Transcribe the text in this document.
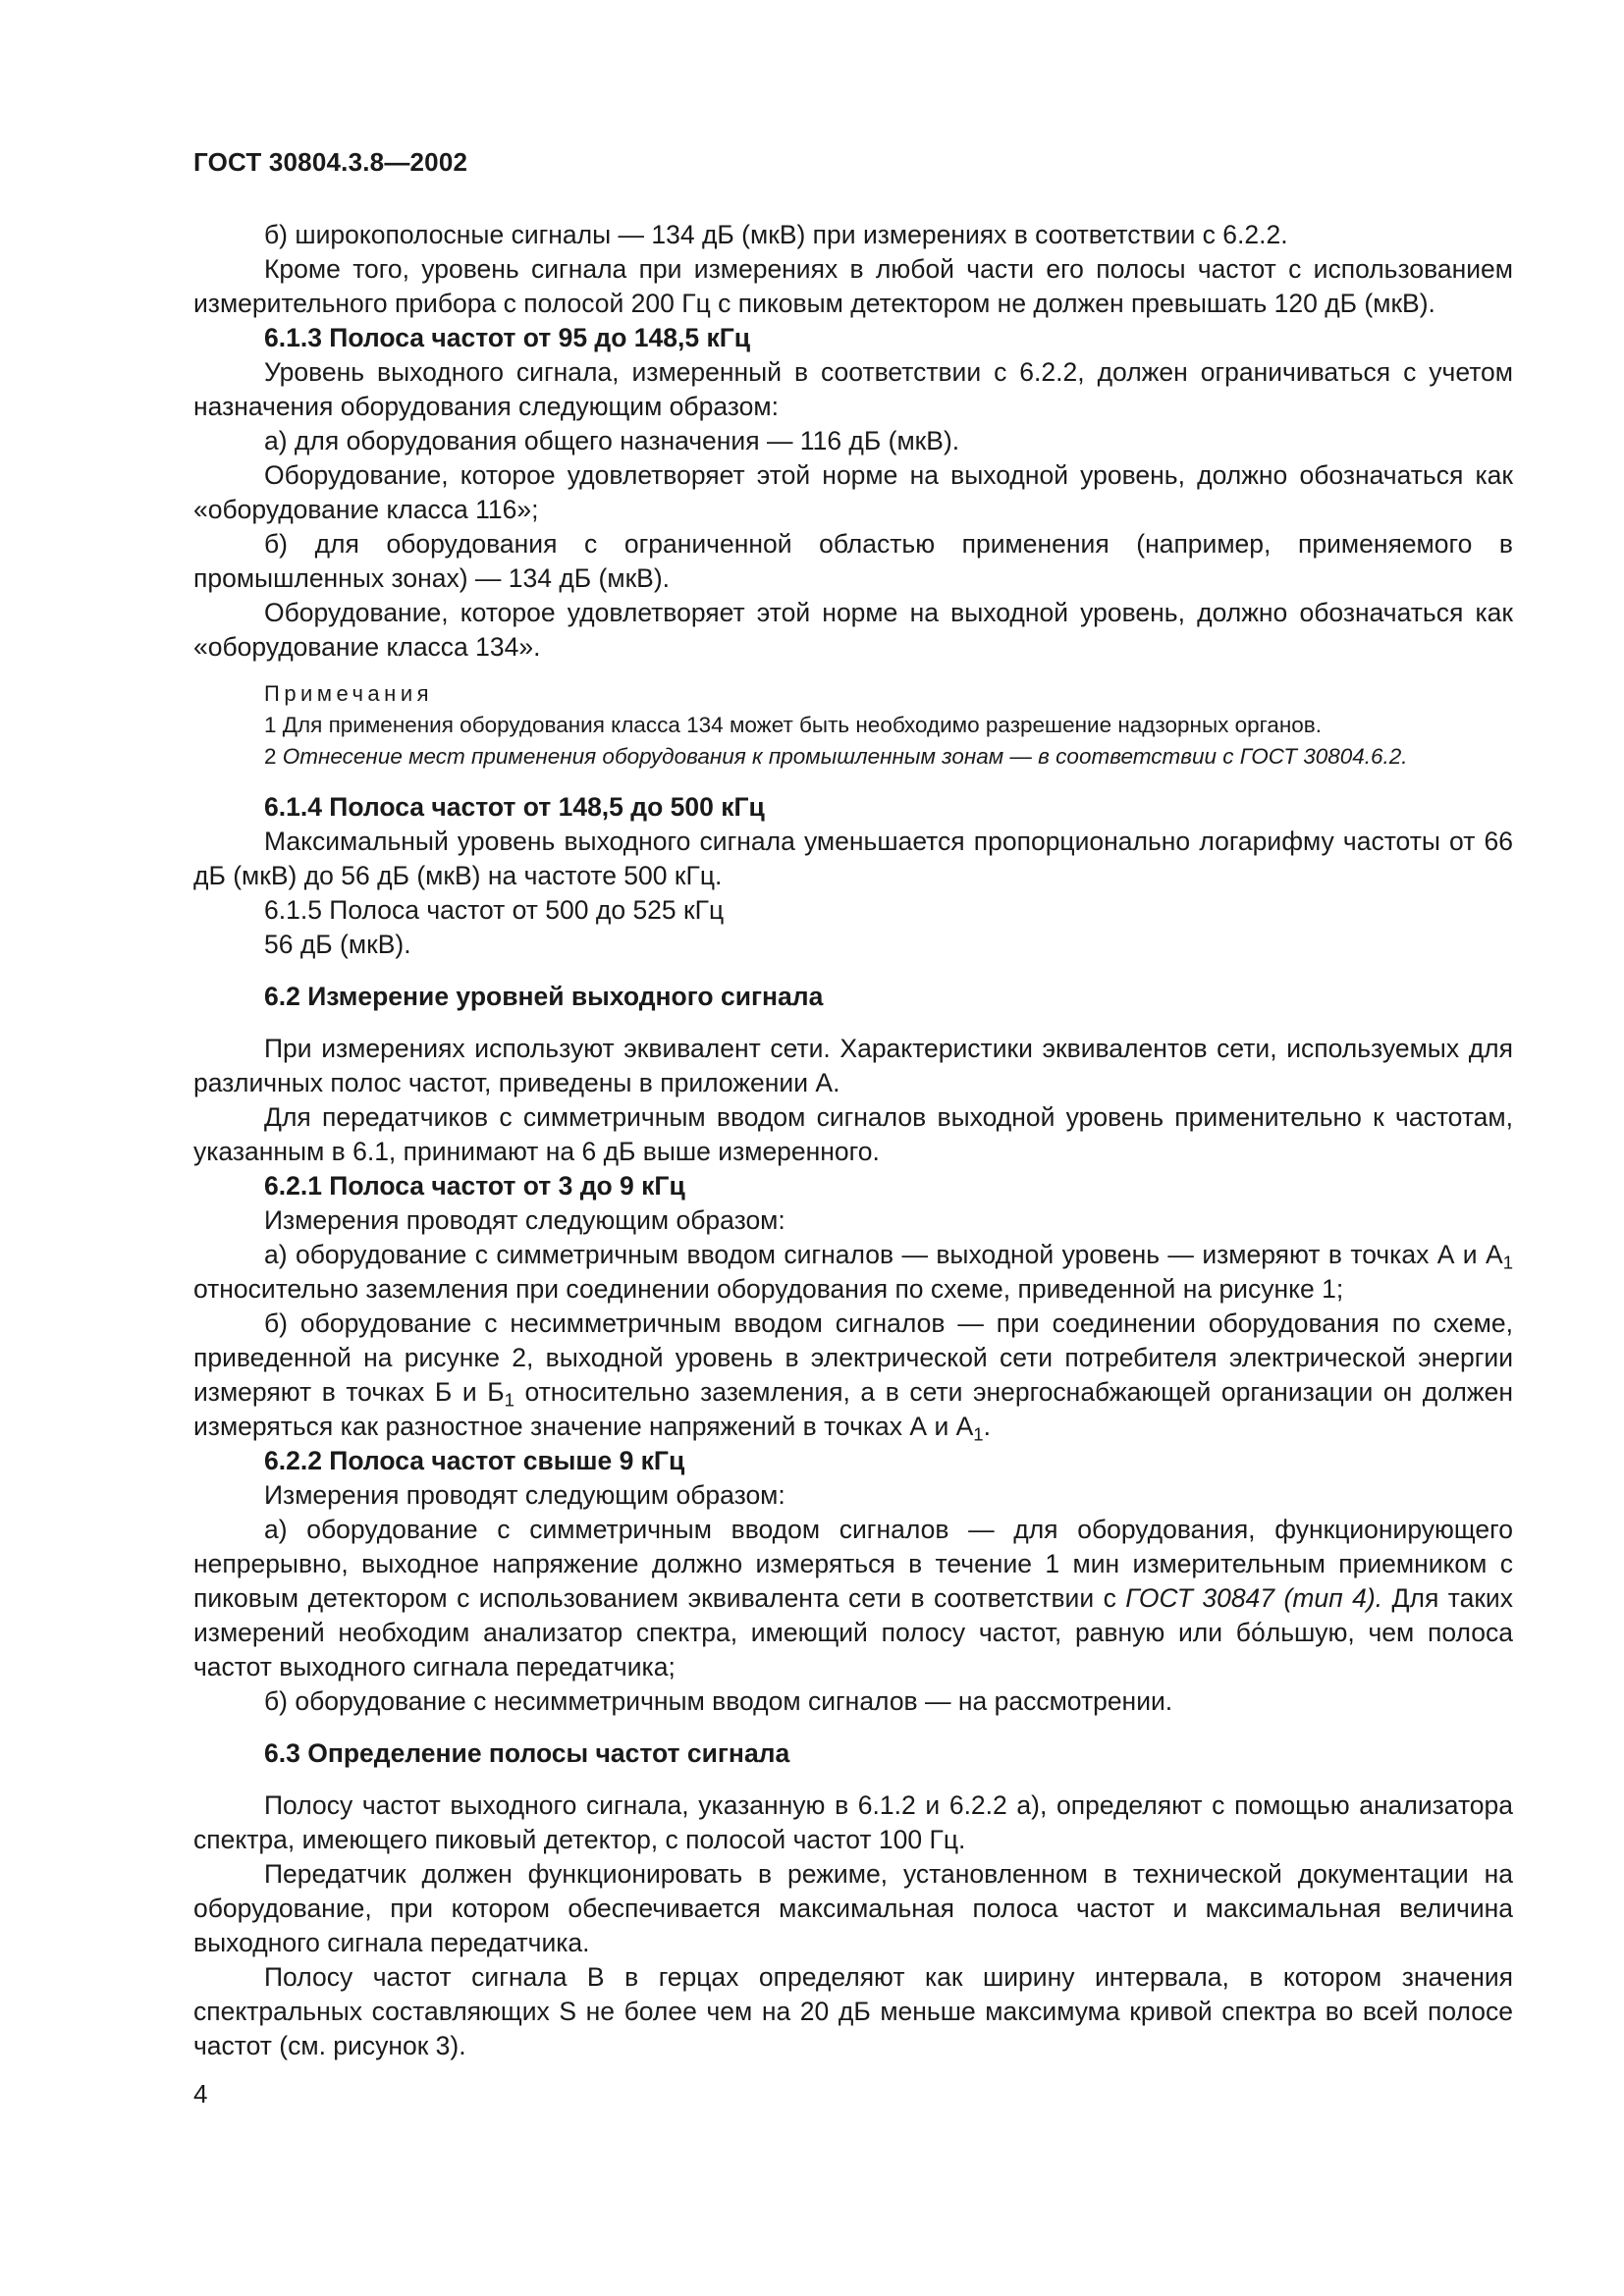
ГОСТ 30804.3.8—2002

б) широкополосные сигналы — 134 дБ (мкВ) при измерениях в соответствии с 6.2.2.

Кроме того, уровень сигнала при измерениях в любой части его полосы частот с использованием измерительного прибора с полосой 200 Гц с пиковым детектором не должен превышать 120 дБ (мкВ).

6.1.3 Полоса частот от 95 до 148,5 кГц

Уровень выходного сигнала, измеренный в соответствии с 6.2.2, должен ограничиваться с учетом назначения оборудования следующим образом:

а) для оборудования общего назначения — 116 дБ (мкВ).

Оборудование, которое удовлетворяет этой норме на выходной уровень, должно обозначаться как «оборудование класса 116»;

б) для оборудования с ограниченной областью применения (например, применяемого в промышленных зонах) — 134 дБ (мкВ).

Оборудование, которое удовлетворяет этой норме на выходной уровень, должно обозначаться как «оборудование класса 134».

Примечания

1 Для применения оборудования класса 134 может быть необходимо разрешение надзорных органов.

2 Отнесение мест применения оборудования к промышленным зонам — в соответствии с ГОСТ 30804.6.2.

6.1.4 Полоса частот от 148,5 до 500 кГц

Максимальный уровень выходного сигнала уменьшается пропорционально логарифму частоты от 66 дБ (мкВ) до 56 дБ (мкВ) на частоте 500 кГц.

6.1.5 Полоса частот от 500 до 525 кГц

56 дБ (мкВ).

6.2 Измерение уровней выходного сигнала

При измерениях используют эквивалент сети. Характеристики эквивалентов сети, используемых для различных полос частот, приведены в приложении А.

Для передатчиков с симметричным вводом сигналов выходной уровень применительно к частотам, указанным в 6.1, принимают на 6 дБ выше измеренного.

6.2.1 Полоса частот от 3 до 9 кГц

Измерения проводят следующим образом:

а) оборудование с симметричным вводом сигналов — выходной уровень — измеряют в точках А и $А_1$ относительно заземления при соединении оборудования по схеме, приведенной на рисунке 1;

б) оборудование с несимметричным вводом сигналов — при соединении оборудования по схеме, приведенной на рисунке 2, выходной уровень в электрической сети потребителя электрической энергии измеряют в точках Б и $Б_1$ относительно заземления, а в сети энергоснабжающей организации он должен измеряться как разностное значение напряжений в точках А и $А_1$.

6.2.2 Полоса частот свыше 9 кГц

Измерения проводят следующим образом:

а) оборудование с симметричным вводом сигналов — для оборудования, функционирующего непрерывно, выходное напряжение должно измеряться в течение 1 мин измерительным приемником с пиковым детектором с использованием эквивалента сети в соответствии с ГОСТ 30847 (тип 4). Для таких измерений необходим анализатор спектра, имеющий полосу частот, равную или бо́льшую, чем полоса частот выходного сигнала передатчика;

б) оборудование с несимметричным вводом сигналов — на рассмотрении.

6.3 Определение полосы частот сигнала

Полосу частот выходного сигнала, указанную в 6.1.2 и 6.2.2 а), определяют с помощью анализатора спектра, имеющего пиковый детектор, с полосой частот 100 Гц.

Передатчик должен функционировать в режиме, установленном в технической документации на оборудование, при котором обеспечивается максимальная полоса частот и максимальная величина выходного сигнала передатчика.

Полосу частот сигнала B в герцах определяют как ширину интервала, в котором значения спектральных составляющих S не более чем на 20 дБ меньше максимума кривой спектра во всей полосе частот (см. рисунок 3).

4
